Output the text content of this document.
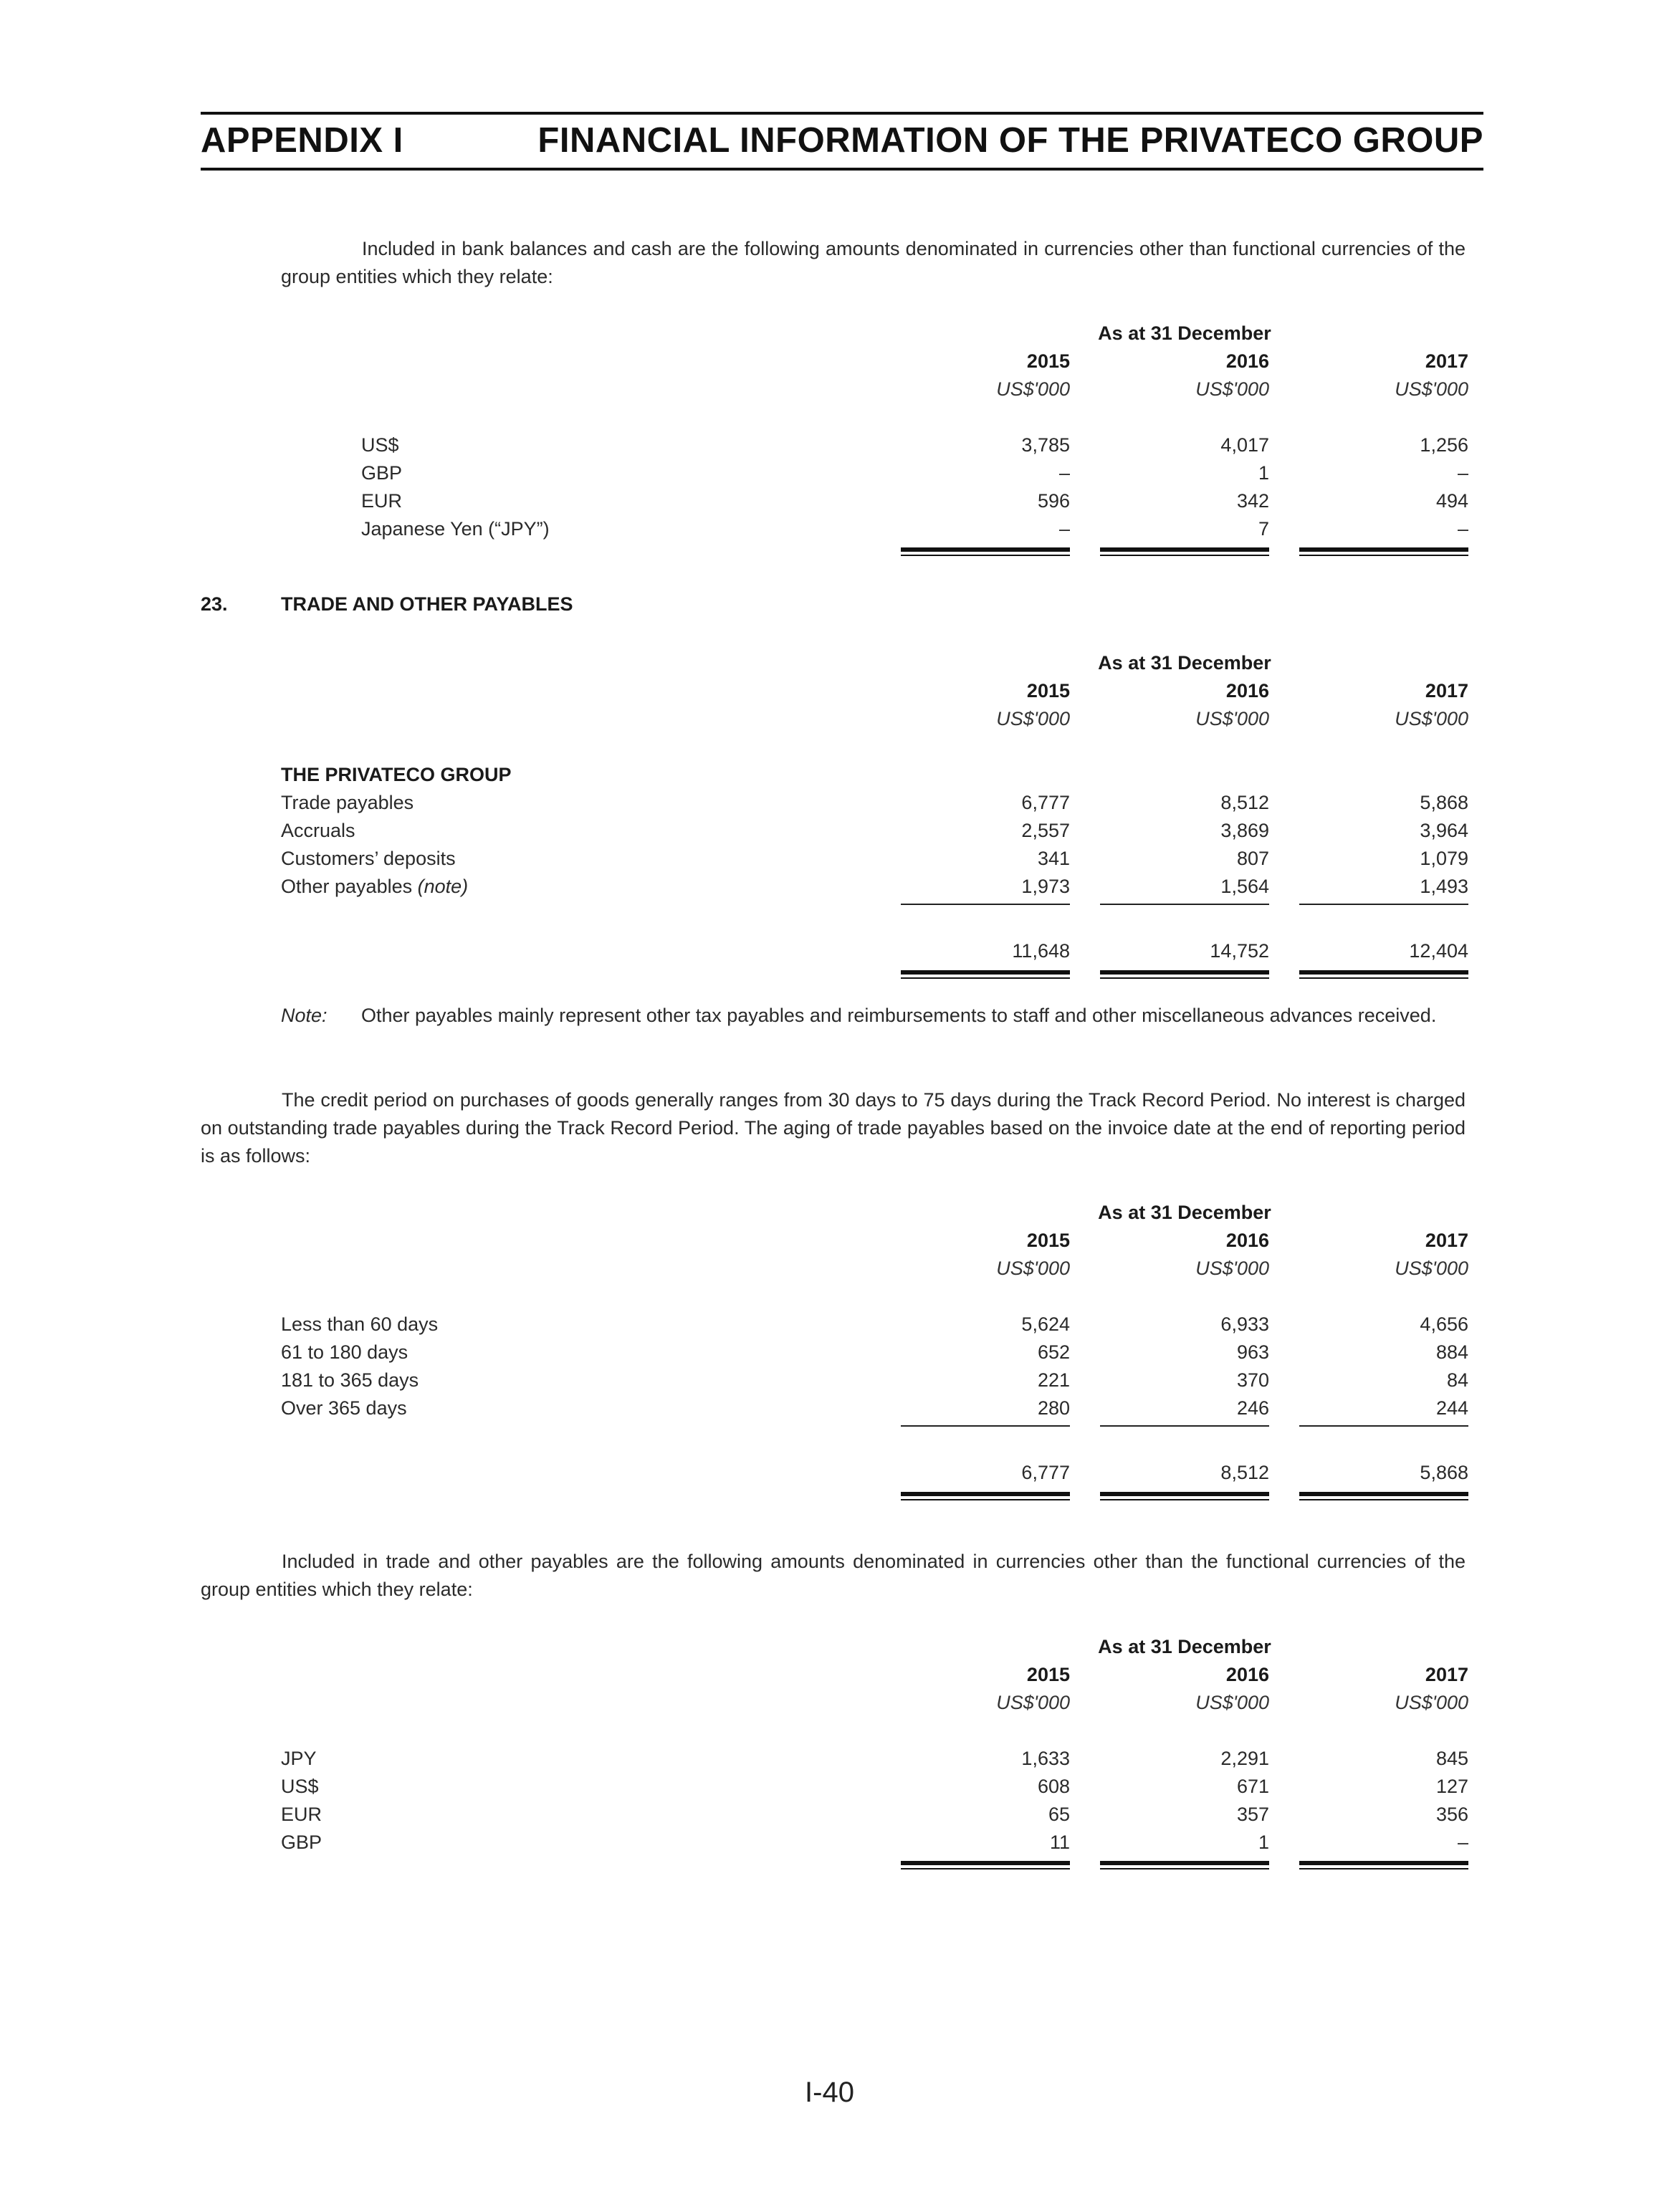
APPENDIX I	FINANCIAL INFORMATION OF THE PRIVATECO GROUP

Included in bank balances and cash are the following amounts denominated in currencies other than functional currencies of the group entities which they relate:

As at 31 December
2015	2016	2017
US$'000	US$'000	US$'000
US$	3,785	4,017	1,256
GBP	–	1	–
EUR	596	342	494
Japanese Yen (“JPY”)	–	7	–
23.	TRADE AND OTHER PAYABLES
As at 31 December
2015	2016	2017
US$'000	US$'000	US$'000
THE PRIVATECO GROUP
Trade payables	6,777	8,512	5,868
Accruals	2,557	3,869	3,964
Customers’ deposits	341	807	1,079
Other payables (note)	1,973	1,564	1,493
11,648	14,752	12,404
Note: Other payables mainly represent other tax payables and reimbursements to staff and other miscellaneous advances received.

The credit period on purchases of goods generally ranges from 30 days to 75 days during the Track Record Period. No interest is charged on outstanding trade payables during the Track Record Period. The aging of trade payables based on the invoice date at the end of reporting period is as follows:

As at 31 December
2015	2016	2017
US$'000	US$'000	US$'000
Less than 60 days	5,624	6,933	4,656
61 to 180 days	652	963	884
181 to 365 days	221	370	84
Over 365 days	280	246	244
6,777	8,512	5,868

Included in trade and other payables are the following amounts denominated in currencies other than the functional currencies of the group entities which they relate:

As at 31 December
2015	2016	2017
US$'000	US$'000	US$'000
JPY	1,633	2,291	845
US$	608	671	127
EUR	65	357	356
GBP	11	1	–
I-40
